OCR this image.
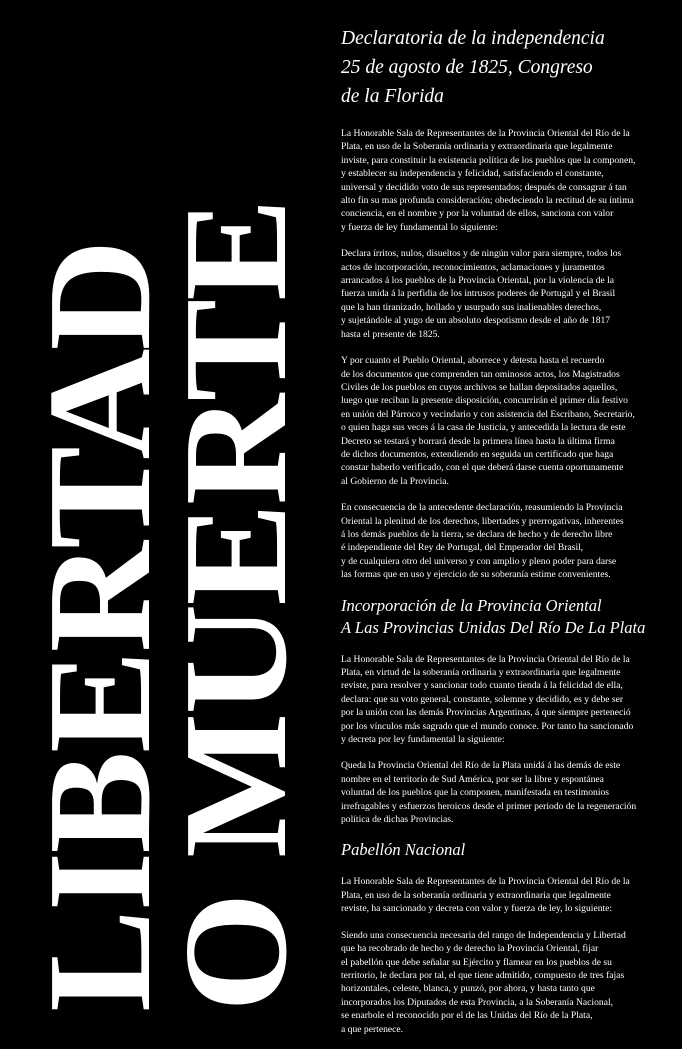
LIBERTAD
O MUERTE
Declaratoria de la independencia
25 de agosto de 1825, Congreso
de la Florida
La Honorable Sala de Representantes de la Provincia Oriental del Río de la
Plata, en uso de la Soberanía ordinaria y extraordinaria que legalmente
inviste, para constituir la existencia política de los pueblos que la componen,
y establecer su independencia y felicidad, satisfaciendo el constante,
universal y decidido voto de sus representados; después de consagrar á tan
alto fin su mas profunda consideración; obedeciendo la rectitud de su íntima
conciencia, en el nombre y por la voluntad de ellos, sanciona con valor
y fuerza de ley fundamental lo siguiente:
Declara írritos, nulos, disueltos y de ningún valor para siempre, todos los
actos de incorporación, reconocimientos, aclamaciones y juramentos
arrancados á los pueblos de la Provincia Oriental, por la violencia de la
fuerza unida á la perfidia de los intrusos poderes de Portugal y el Brasil
que la han tiranizado, hollado y usurpado sus inalienables derechos,
y sujetándole al yugo de un absoluto despotismo desde el año de 1817
hasta el presente de 1825.
Y por cuanto el Pueblo Oriental, aborrece y detesta hasta el recuerdo
de los documentos que comprenden tan ominosos actos, los Magistrados
Civiles de los pueblos en cuyos archivos se hallan depositados aquellos,
luego que reciban la presente disposición, concurrirán el primer día festivo
en unión del Párroco y vecindario y con asistencia del Escribano, Secretario,
o quien haga sus veces á la casa de Justicia, y antecedida la lectura de este
Decreto se testará y borrará desde la primera línea hasta la última firma
de dichos documentos, extendiendo en seguida un certificado que haga
constar haberlo verificado, con el que deberá darse cuenta oportunamente
al Gobierno de la Provincia.
En consecuencia de la antecedente declaración, reasumiendo la Provincia
Oriental la plenitud de los derechos, libertades y prerrogativas, inherentes
á los demás pueblos de la tierra, se declara de hecho y de derecho libre
é independiente del Rey de Portugal, del Emperador del Brasil,
y de cualquiera otro del universo y con amplio y pleno poder para darse
las formas que en uso y ejercicio de su soberanía estime convenientes.
Incorporación de la Provincia Oriental
A Las Provincias Unidas Del Río De La Plata
La Honorable Sala de Representantes de la Provincia Oriental del Río de la
Plata, en virtud de la soberanía ordinaria y extraordinaria que legalmente
reviste, para resolver y sancionar todo cuanto tienda á la felicidad de ella,
declara: que su voto general, constante, solemne y decidido, es y debe ser
por la unión con las demás Provincias Argentinas, á que siempre perteneció
por los vínculos más sagrado que el mundo conoce. Por tanto ha sancionado
y decreta por ley fundamental la siguiente:
Queda la Provincia Oriental del Río de la Plata unidá á las demás de este
nombre en el territorio de Sud América, por ser la libre y espontánea
voluntad de los pueblos que la componen, manifestada en testimonios
irrefragables y esfuerzos heroicos desde el primer periodo de la regeneración
política de dichas Provincias.
Pabellón Nacional
La Honorable Sala de Representantes de la Provincia Oriental del Río de la
Plata, en uso de la soberanía ordinaria y extraordinaria que legalmente
reviste, ha sancionado y decreta con valor y fuerza de ley, lo siguiente:
Siendo una consecuencia necesaria del rango de Independencia y Libertad
que ha recobrado de hecho y de derecho la Provincia Oriental, fijar
el pabellón que debe señalar su Ejército y flamear en los pueblos de su
territorio, le declara por tal, el que tiene admitido, compuesto de tres fajas
horizontales, celeste, blanca, y punzó, por ahora, y hasta tanto que
incorporados los Diputados de esta Provincia, a la Soberanía Nacional,
se enarbole el reconocido por el de las Unidas del Río de la Plata,
a que pertenece.
